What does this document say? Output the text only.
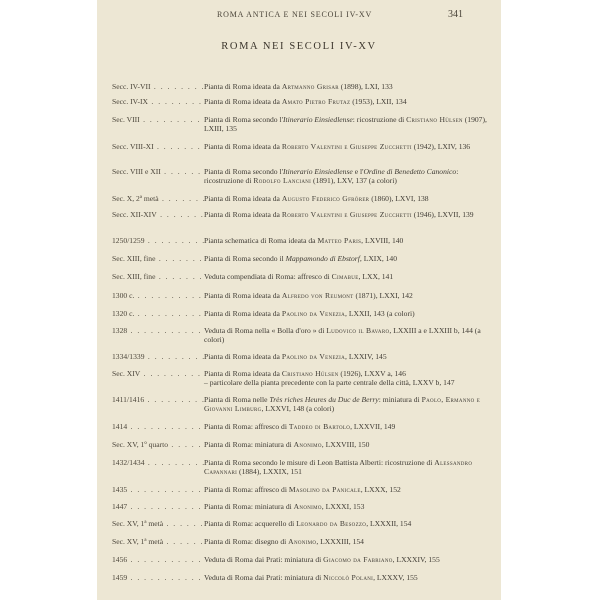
ROMA ANTICA E NEI SECOLI IV-XV	341
ROMA NEI SECOLI IV-XV
Secc. IV-VII . . .	Pianta di Roma ideata da Artmanno Grisar (1898), LXI, 133
Secc. IV-IX . . .	Pianta di Roma ideata da Amato Pietro Frutaz (1953), LXII, 134
Sec. VIII . . .	Pianta di Roma secondo l'Itinerario Einsiedlense: ricostruzione di Cristiano Hülsen (1907), LXIII, 135
Secc. VIII-XI . . .	Pianta di Roma ideata da Roberto Valentini e Giuseppe Zucchetti (1942), LXIV, 136
Secc. VIII e XII . . .	Pianta di Roma secondo l'Itinerario Einsiedlense e l'Ordine di Benedetto Canonico: ricostruzione di Rodolfo Lanciani (1891), LXV, 137 (a colori)
Sec. X, 2ª metà . . .	Pianta di Roma ideata da Augusto Federico Gfrörer (1860), LXVI, 138
Secc. XII-XIV . . .	Pianta di Roma ideata da Roberto Valentini e Giuseppe Zucchetti (1946), LXVII, 139
1250/1259 . . .	Pianta schematica di Roma ideata da Matteo Paris, LXVIII, 140
Sec. XIII, fine . . .	Pianta di Roma secondo il Mappamondo di Ebstorf, LXIX, 140
Sec. XIII, fine . . .	Veduta compendiata di Roma: affresco di Cimabue, LXX, 141
1300 c. . . .	Pianta di Roma ideata da Alfredo von Reumont (1871), LXXI, 142
1320 c. . . .	Pianta di Roma ideata da Paolino da Venezia, LXXII, 143 (a colori)
1328 . . .	Veduta di Roma nella « Bolla d'oro » di Ludovico il Bavaro, LXXIII a e LXXIII b, 144 (a colori)
1334/1339 . . .	Pianta di Roma ideata da Paolino da Venezia, LXXIV, 145
Sec. XIV . . .	Pianta di Roma ideata da Cristiano Hülsen (1926), LXXV a, 146
– particolare della pianta precedente con la parte centrale della città, LXXV b, 147
1411/1416 . . .	Pianta di Roma nelle Très riches Heures du Duc de Berry: miniatura di Paolo, Ermanno e Giovanni Limburg, LXXVI, 148 (a colori)
1414 . . .	Pianta di Roma: affresco di Taddeo di Bartolo, LXXVII, 149
Sec. XV, 1º quarto . . .	Pianta di Roma: miniatura di Anonimo, LXXVIII, 150
1432/1434 . . .	Pianta di Roma secondo le misure di Leon Battista Alberti: ricostruzione di Alessandro Capannari (1884), LXXIX, 151
1435 . . .	Pianta di Roma: affresco di Masolino da Panicale, LXXX, 152
1447 . . .	Pianta di Roma: miniatura di Anonimo, LXXXI, 153
Sec. XV, 1ª metà . . .	Pianta di Roma: acquerello di Leonardo da Besozzo, LXXXII, 154
Sec. XV, 1ª metà . . .	Pianta di Roma: disegno di Anonimo, LXXXIII, 154
1456 . . .	Veduta di Roma dai Prati: miniatura di Giacomo da Fabriano, LXXXIV, 155
1459 . . .	Veduta di Roma dai Prati: miniatura di Niccolò Polani, LXXXV, 155
